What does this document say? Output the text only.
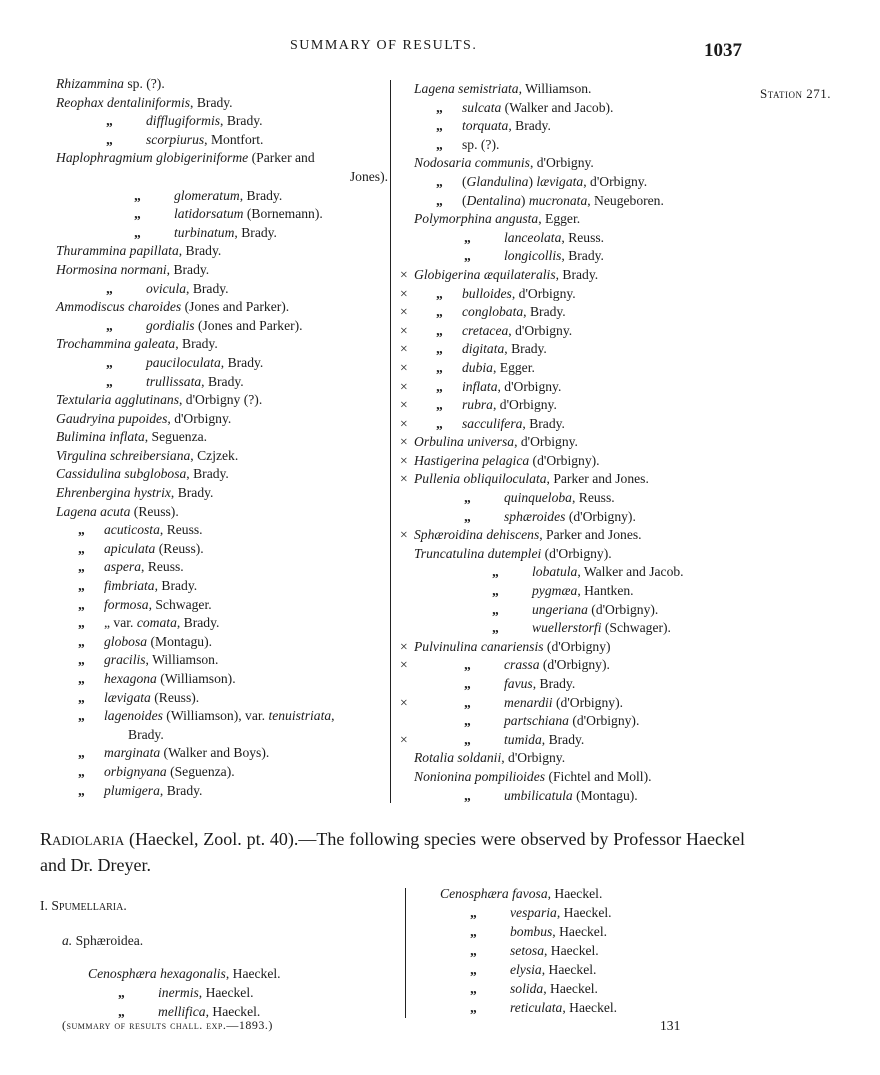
SUMMARY OF RESULTS.	1037
Station 271.
Rhizammina sp. (?).
Reophax dentaliniformis, Brady.
„ difflugiformis, Brady.
„ scorpiurus, Montfort.
Haplophragmium globigeriniforme (Parker and
Jones).
„ glomeratum, Brady.
„ latidorsatum (Bornemann).
„ turbinatum, Brady.
Thurammina papillata, Brady.
Hormosina normani, Brady.
„ ovicula, Brady.
Ammodiscus charoides (Jones and Parker).
„ gordialis (Jones and Parker).
Trochammina galeata, Brady.
„ pauciloculata, Brady.
„ trullissata, Brady.
Textularia agglutinans, d'Orbigny (?).
Gaudryina pupoides, d'Orbigny.
Bulimina inflata, Seguenza.
Virgulina schreibersiana, Czjzek.
Cassidulina subglobosa, Brady.
Ehrenbergina hystrix, Brady.
Lagena acuta (Reuss).
„ acuticosta, Reuss.
„ apiculata (Reuss).
„ aspera, Reuss.
„ fimbriata, Brady.
„ formosa, Schwager.
„ „ var. comata, Brady.
„ globosa (Montagu).
„ gracilis, Williamson.
„ hexagona (Williamson).
„ lævigata (Reuss).
„ lagenoides (Williamson), var. tenuistriata,
Brady.
„ marginata (Walker and Boys).
„ orbignyana (Seguenza).
„ plumigera, Brady.
Lagena semistriata, Williamson.
„ sulcata (Walker and Jacob).
„ torquata, Brady.
„ sp. (?).
Nodosaria communis, d'Orbigny.
„ (Glandulina) lævigata, d'Orbigny.
„ (Dentalina) mucronata, Neugeboren.
Polymorphina angusta, Egger.
„ lanceolata, Reuss.
„ longicollis, Brady.
× Globigerina æquilateralis, Brady.
×	„ bulloides, d'Orbigny.
×	„ conglobata, Brady.
×	„ cretacea, d'Orbigny.
×	„ digitata, Brady.
×	„ dubia, Egger.
×	„ inflata, d'Orbigny.
×	„ rubra, d'Orbigny.
×	„ sacculifera, Brady.
× Orbulina universa, d'Orbigny.
× Hastigerina pelagica (d'Orbigny).
× Pullenia obliquiloculata, Parker and Jones.
„ quinqueloba, Reuss.
„ sphæroides (d'Orbigny).
× Sphæroidina dehiscens, Parker and Jones.
Truncatulina dutemplei (d'Orbigny).
„ lobatula, Walker and Jacob.
„ pygmæa, Hantken.
„ ungeriana (d'Orbigny).
„ wuellerstorfi (Schwager).
× Pulvinulina canariensis (d'Orbigny)
×	„ crassa (d'Orbigny).
„ favus, Brady.
×	„ menardii (d'Orbigny).
„ partschiana (d'Orbigny).
×	„ tumida, Brady.
Rotalia soldanii, d'Orbigny.
Nonionina pompilioides (Fichtel and Moll).
„ umbilicatula (Montagu).
Radiolaria (Haeckel, Zool. pt. 40).—The following species were observed by Professor Haeckel and Dr. Dreyer.
I. Spumellaria.
a. Sphæroidea.
Cenosphæra hexagonalis, Haeckel.
„ inermis, Haeckel.
„ mellifica, Haeckel.
Cenosphæra favosa, Haeckel.
„ vesparia, Haeckel.
„ bombus, Haeckel.
„ setosa, Haeckel.
„ elysia, Haeckel.
„ solida, Haeckel.
„ reticulata, Haeckel.
(summary of results chall. exp.—1893.)	131
